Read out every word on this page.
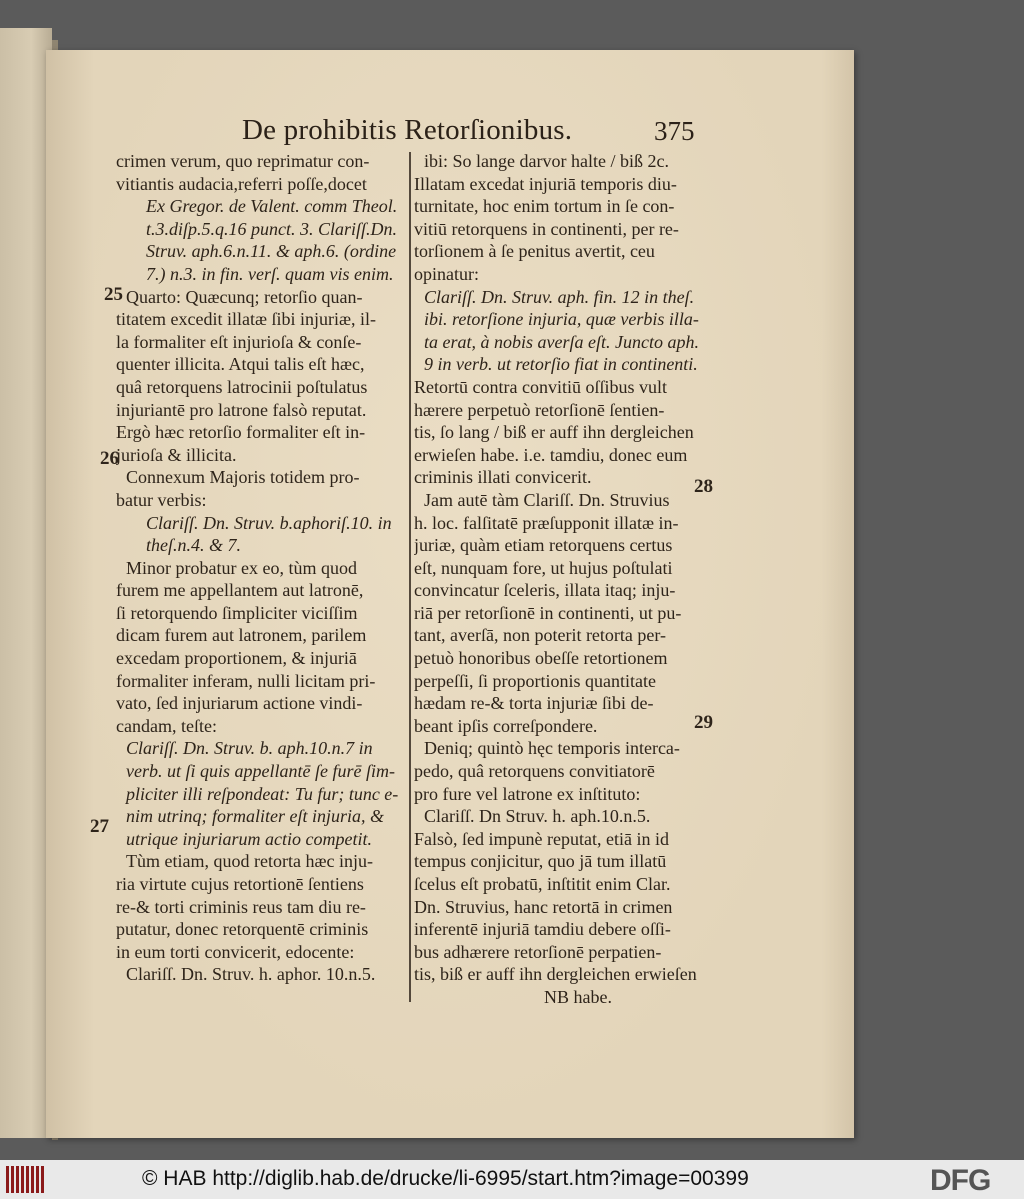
De prohibitis Retorſionibus.	375
crimen verum, quo reprimatur con-
vitiantis audacia,referri poſſe,docet
Ex Gregor. de Valent. comm Theol.
t.3.diſp.5.q.16 punct. 3. Clariſſ.Dn.
Struv. aph.6.n.11. & aph.6. (ordine
7.) n.3. in fin. verſ. quam vis enim.
Quarto: Quæcunq; retorſio quan-
titatem excedit illatæ ſibi injuriæ, il-
la formaliter eſt injurioſa & conſe-
quenter illicita. Atqui talis eſt hæc,
quâ retorquens latrocinii poſtulatus
injuriantē pro latrone falsò reputat.
Ergò hæc retorſio formaliter eſt in-
jurioſa & illicita.
Connexum Majoris totidem pro-
batur verbis:
Clariſſ. Dn. Struv. b.aphoriſ.10. in
theſ.n.4. & 7.
Minor probatur ex eo, tùm quod
furem me appellantem aut latronē,
ſi retorquendo ſimpliciter viciſſim
dicam furem aut latronem, parilem
excedam proportionem, & injuriā
formaliter inferam, nulli licitam pri-
vato, ſed injuriarum actione vindi-
candam, teſte:
Clariſſ. Dn. Struv. b. aph.10.n.7 in
verb. ut ſi quis appellantē ſe furē ſim-
pliciter illi reſpondeat: Tu fur; tunc e-
nim utrinq; formaliter eſt injuria, &
utrique injuriarum actio competit.
Tùm etiam, quod retorta hæc inju-
ria virtute cujus retortionē ſentiens
re-& torti criminis reus tam diu re-
putatur, donec retorquentē criminis
in eum torti convicerit, edocente:
Clariſſ. Dn. Struv. h. aphor. 10.n.5.
ibi: So lange darvor halte / biß 2c.
Illatam excedat injuriā temporis diu-
turnitate, hoc enim tortum in ſe con-
vitiū retorquens in continenti, per re-
torſionem à ſe penitus avertit, ceu
opinatur:
Clariſſ. Dn. Struv. aph. fin. 12 in theſ.
ibi. retorſione injuria, quæ verbis illa-
ta erat, à nobis averſa eſt. Juncto aph.
9 in verb. ut retorſio fiat in continenti.
Retortū contra convitiū oſſibus vult
hærere perpetuò retorſionē ſentien-
tis, ſo lang / biß er auff ihn dergleichen
erwieſen habe. i.e. tamdiu, donec eum
criminis illati convicerit.
Jam autē tàm Clariſſ. Dn. Struvius
h. loc. falſitatē præſupponit illatæ in-
juriæ, quàm etiam retorquens certus
eſt, nunquam fore, ut hujus poſtulati
convincatur ſceleris, illata itaq; inju-
riā per retorſionē in continenti, ut pu-
tant, averſā, non poterit retorta per-
petuò honoribus obeſſe retortionem
perpeſſi, ſi proportionis quantitate
hædam re-& torta injuriæ ſibi de-
beant ipſis correſpondere.
Deniq; quintò hęc temporis interca-
pedo, quâ retorquens convitiatorē
pro fure vel latrone ex inſtituto:
Clariſſ. Dn Struv. h. aph.10.n.5.
Falsò, ſed impunè reputat, etiā in id
tempus conjicitur, quo jā tum illatū
ſcelus eſt probatū, inſtitit enim Clar.
Dn. Struvius, hanc retortā in crimen
inferentē injuriā tamdiu debere oſſi-
bus adhærere retorſionē perpatien-
tis, biß er auff ihn dergleichen erwieſen
NB habe.
25
26
27
28
29
© HAB http://diglib.hab.de/drucke/li-6995/start.htm?image=00399	DFG
